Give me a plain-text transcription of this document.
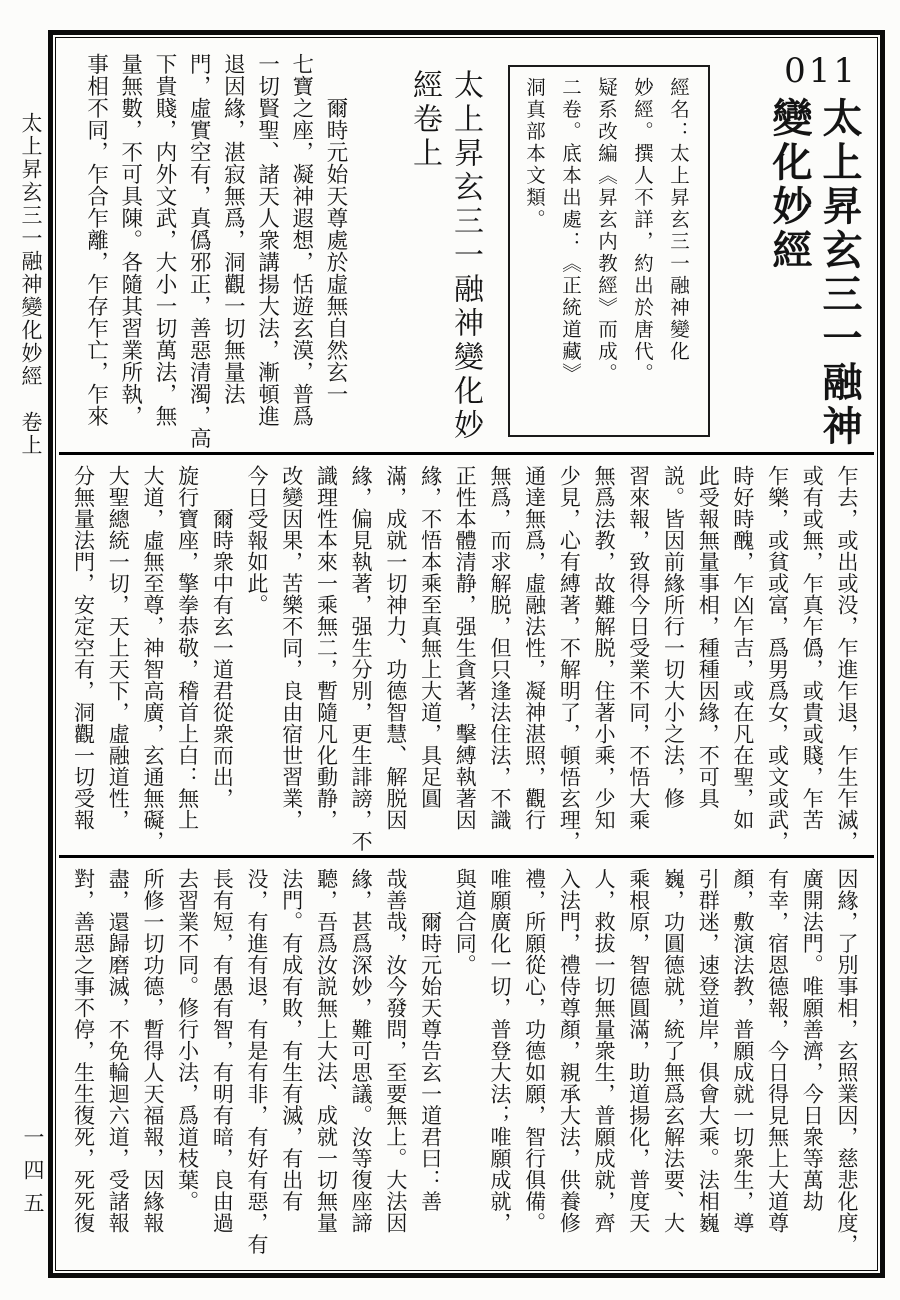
太上昇玄三一融神變化妙經　卷上
一四五
011
太上昇玄三一融神
變化妙經
經名：太上昇玄三一融神變化
妙經。撰人不詳，約出於唐代。
疑系改編《昇玄内教經》而成。
二卷。底本出處：《正統道藏》
洞真部本文類。
太上昇玄三一融神變化妙
經卷上
　　爾時元始天尊處於虛無自然玄一
七寶之座，凝神遐想，恬遊玄漠，普爲
一切賢聖、諸天人衆講揚大法，漸頓進
退因緣，湛寂無爲，洞觀一切無量法
門，虛實空有，真僞邪正，善惡清濁，高
下貴賤，内外文武，大小一切萬法，無
量無數，不可具陳。各隨其習業所執，
事相不同，乍合乍離，乍存乍亡，乍來
乍去，或出或没，乍進乍退，乍生乍滅，
或有或無，乍真乍僞，或貴或賤，乍苦
乍樂，或貧或富，爲男爲女，或文或武，
時好時醜，乍凶乍吉，或在凡在聖，如
此受報無量事相，種種因緣，不可具
説。皆因前緣所行一切大小之法，修
習來報，致得今日受業不同，不悟大乘
無爲法教，故難解脱，住著小乘，少知
少見，心有縛著，不解明了，頓悟玄理，
通達無爲，虛融法性，凝神湛照，觀行
無爲，而求解脱，但只逢法住法，不識
正性本體清静，强生貪著，擊縛執著因
緣，不悟本乘至真無上大道，具足圓
滿，成就一切神力、功德智慧、解脱因
緣，偏見執著，强生分別，更生誹謗，不
識理性本來一乘無二，暫隨凡化動静，
改變因果，苦樂不同，良由宿世習業，
今日受報如此。
　　爾時衆中有玄一道君從衆而出，
旋行寶座，擎拳恭敬，稽首上白：無上
大道，虛無至尊，神智高廣，玄通無礙，
大聖總統一切，天上天下，虛融道性，
分無量法門，安定空有，洞觀一切受報
因緣，了別事相，玄照業因，慈悲化度，
廣開法門。唯願善濟，今日衆等萬劫
有幸，宿恩德報，今日得見無上大道尊
顏，敷演法教，普願成就一切衆生，導
引群迷，速登道岸，俱會大乘。法相巍
巍，功圓德就，統了無爲玄解法要、大
乘根原，智德圓滿，助道揚化，普度天
人，救拔一切無量衆生，普願成就，齊
入法門，禮侍尊顏，親承大法，供養修
禮，所願從心，功德如願，智行俱備。
唯願廣化一切，普登大法；唯願成就，
與道合同。
　　爾時元始天尊告玄一道君曰：善
哉善哉，汝今發問，至要無上。大法因
緣，甚爲深妙，難可思議。汝等復座諦
聽，吾爲汝説無上大法、成就一切無量
法門。有成有敗，有生有滅，有出有
没，有進有退，有是有非，有好有惡，有
長有短，有愚有智，有明有暗，良由過
去習業不同。修行小法，爲道枝葉。
所修一切功德，暫得人天福報，因緣報
盡，還歸磨滅，不免輪迴六道，受諸報
對，善惡之事不停，生生復死，死死復
